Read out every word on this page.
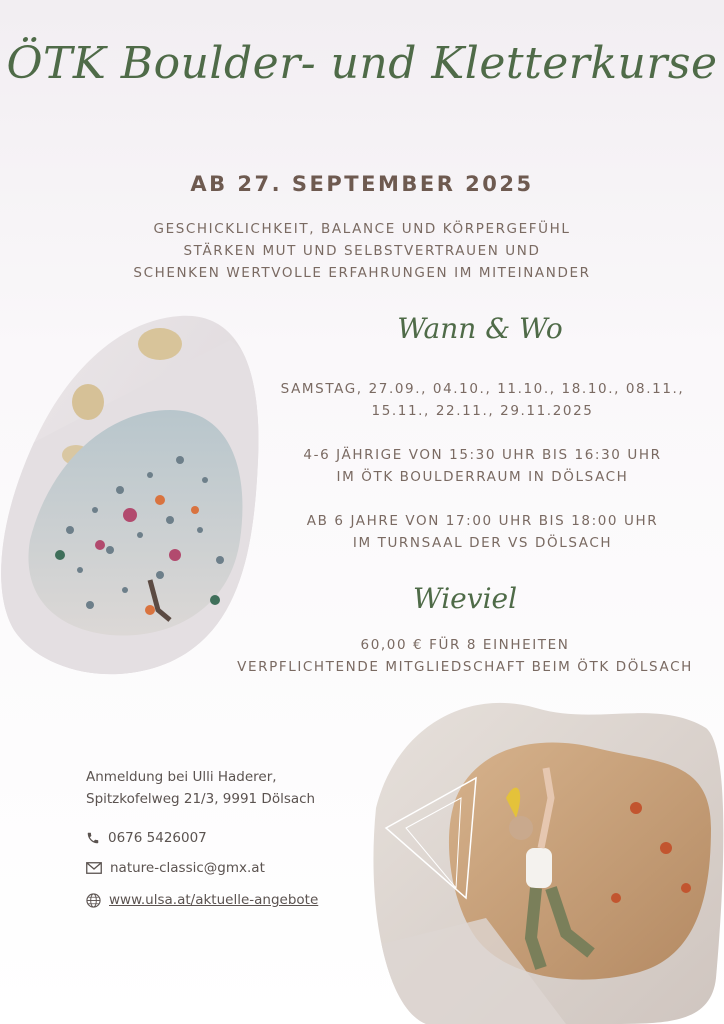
ÖTK Boulder- und Kletterkurse
AB 27. SEPTEMBER 2025
GESCHICKLICHKEIT, BALANCE UND KÖRPERGEFÜHL
STÄRKEN MUT UND SELBSTVERTRAUEN UND
SCHENKEN WERTVOLLE ERFAHRUNGEN IM MITEINANDER
Wann & Wo
SAMSTAG, 27.09., 04.10., 11.10., 18.10., 08.11.,
15.11., 22.11., 29.11.2025
4-6 JÄHRIGE VON 15:30 UHR BIS 16:30 UHR
IM ÖTK BOULDERRAUM IN DÖLSACH
AB 6 JAHRE VON 17:00 UHR BIS 18:00 UHR
IM TURNSAAL DER VS DÖLSACH
Wieviel
60,00 € FÜR 8 EINHEITEN
VERPFLICHTENDE MITGLIEDSCHAFT BEIM ÖTK DÖLSACH
Anmeldung bei Ulli Haderer,
Spitzkofelweg 21/3, 9991 Dölsach
0676 5426007
nature-classic@gmx.at
www.ulsa.at/aktuelle-angebote
